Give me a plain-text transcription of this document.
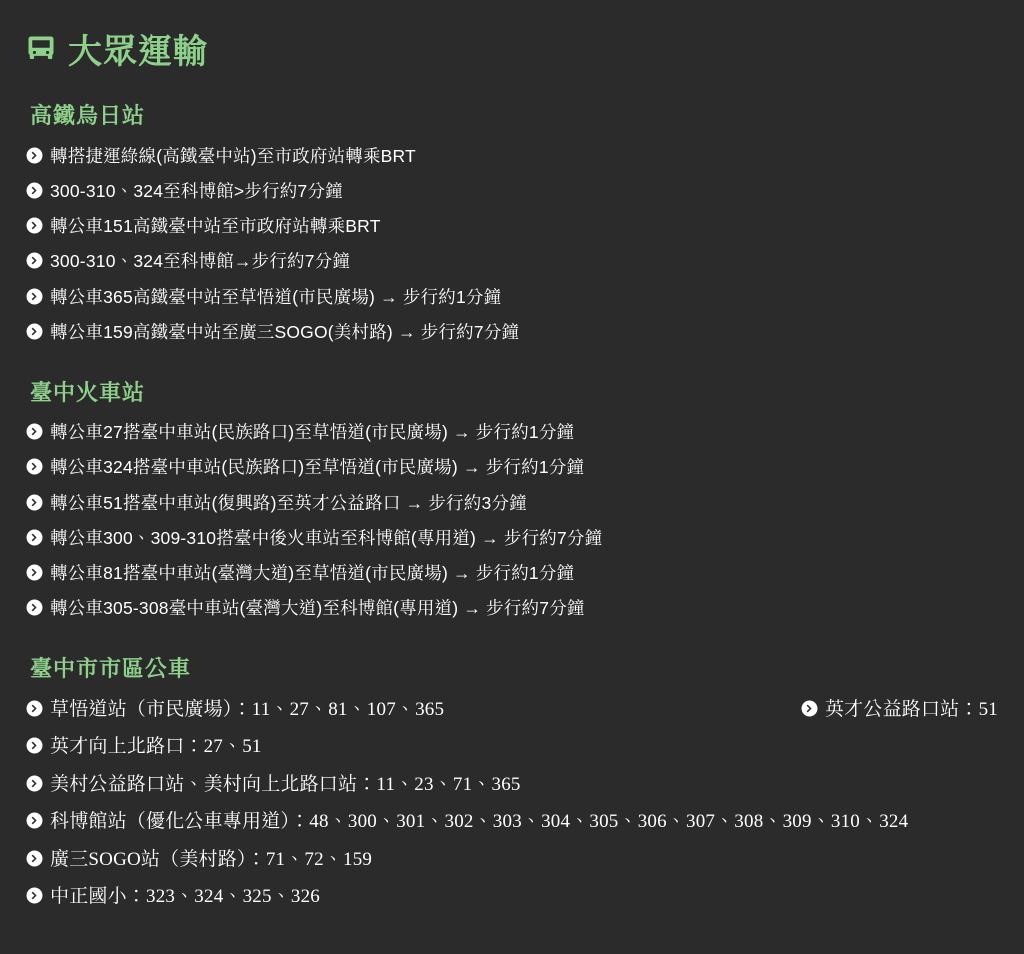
大眾運輸
高鐵烏日站
轉搭捷運綠線(高鐵臺中站)至市政府站轉乘BRT
300-310、324至科博館>步行約7分鐘
轉公車151高鐵臺中站至市政府站轉乘BRT
300-310、324至科博館→步行約7分鐘
轉公車365高鐵臺中站至草悟道(市民廣場) → 步行約1分鐘
轉公車159高鐵臺中站至廣三SOGO(美村路) → 步行約7分鐘
臺中火車站
轉公車27搭臺中車站(民族路口)至草悟道(市民廣場) → 步行約1分鐘
轉公車324搭臺中車站(民族路口)至草悟道(市民廣場) → 步行約1分鐘
轉公車51搭臺中車站(復興路)至英才公益路口 → 步行約3分鐘
轉公車300、309-310搭臺中後火車站至科博館(專用道) → 步行約7分鐘
轉公車81搭臺中車站(臺灣大道)至草悟道(市民廣場) → 步行約1分鐘
轉公車305-308臺中車站(臺灣大道)至科博館(專用道) → 步行約7分鐘
臺中市市區公車
草悟道站（市民廣場）：11、27、81、107、365	英才公益路口站：51
英才向上北路口：27、51
美村公益路口站、美村向上北路口站：11、23、71、365
科博館站（優化公車專用道）：48、300、301、302、303、304、305、306、307、308、309、310、324
廣三SOGO站（美村路）：71、72、159
中正國小：323、324、325、326
